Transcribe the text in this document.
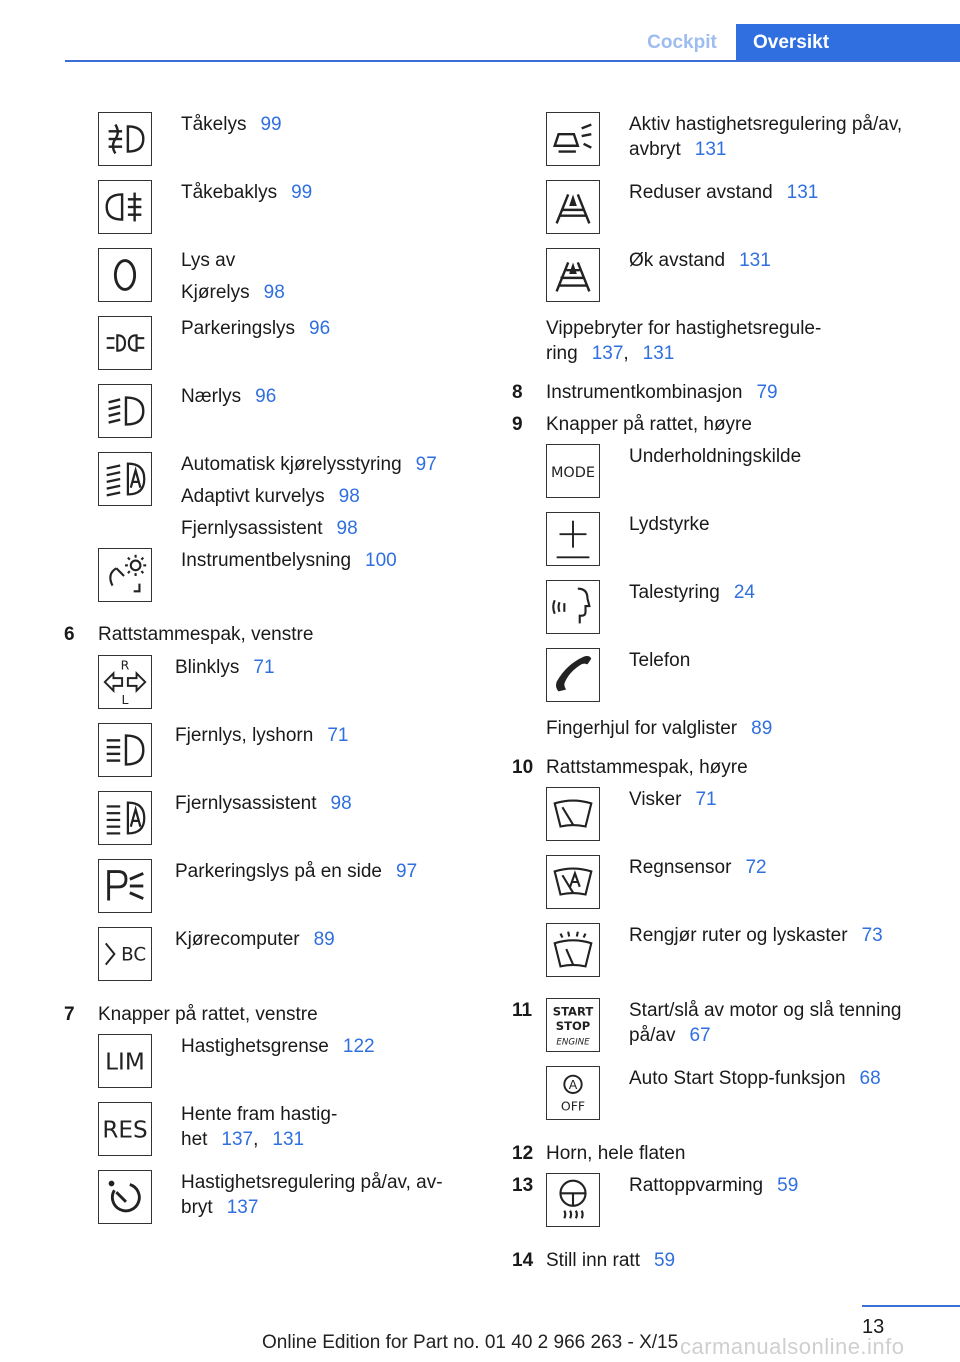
Cockpit	Oversikt
Tåkelys 99
Tåkebaklys 99
Lys av
Kjørelys 98
Parkeringslys 96
Nærlys 96
Automatisk kjørelysstyring 97
Adaptivt kurvelys 98
Fjernlysassistent 98
Instrumentbelysning 100
6 Rattstammespak, venstre
R
L
Blinklys 71
Fjernlys, lyshorn 71
Fjernlysassistent 98
Parkeringslys på en side 97
BC
Kjørecomputer 89
7 Knapper på rattet, venstre
LIM
Hastighetsgrense 122
RES
Hente fram hastig-
het 137, 131
Hastighetsregulering på/av, av-
bryt 137
Aktiv hastighetsregulering på/av,
avbryt 131
Reduser avstand 131
Øk avstand 131
Vippebryter for hastighetsregule-
ring 137, 131
8 Instrumentkombinasjon 79
9 Knapper på rattet, høyre
MODE
Underholdningskilde
Lydstyrke
Talestyring 24
Telefon
Fingerhjul for valglister 89
10 Rattstammespak, høyre
Visker 71
Regnsensor 72
Rengjør ruter og lyskaster 73
11 START
STOP
ENGINE
Start/slå av motor og slå tenning
på/av 67
A
OFF
Auto Start Stopp-funksjon 68
12 Horn, hele flaten
13	Rattoppvarming 59
14 Still inn ratt 59
13
Online Edition for Part no. 01 40 2 966 263 - X/15 carmanualsonline.info
